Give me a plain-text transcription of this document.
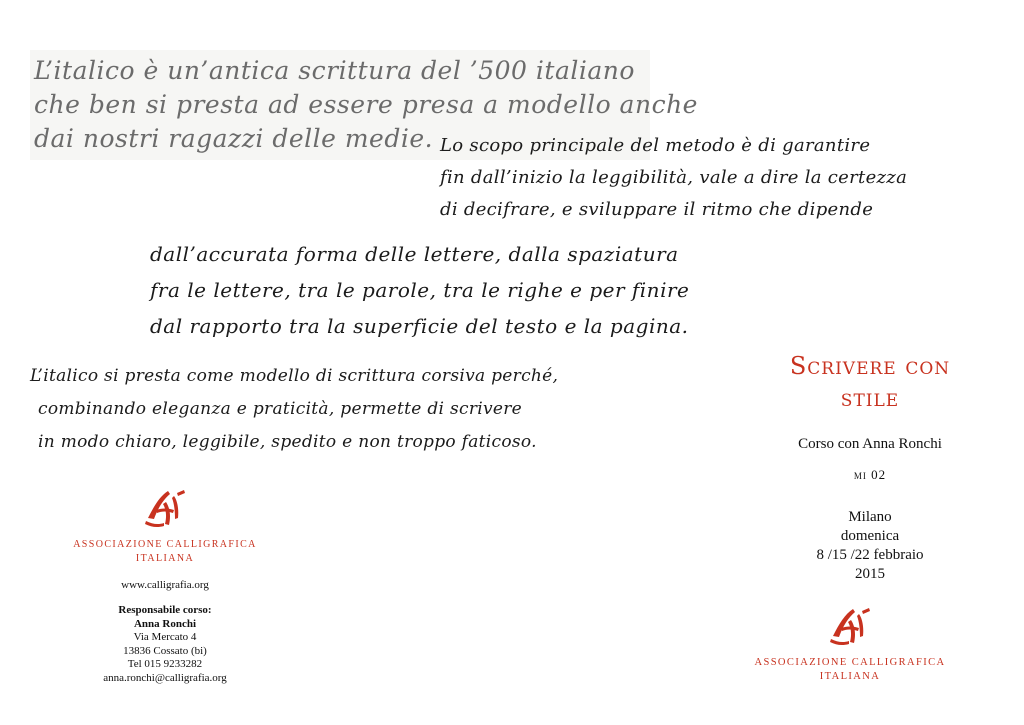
L’italico è un’antica scrittura del ’500 italiano
che ben si presta ad essere presa a modello anche
dai nostri ragazzi delle medie. Lo scopo principale del metodo è di garantire
fin dall’inizio la leggibilità, vale a dire la certezza
di decifrare, e sviluppare il ritmo che dipende
dall’accurata forma delle lettere, dalla spaziatura
fra le lettere, tra le parole, tra le righe e per finire
dal rapporto tra la superficie del testo e la pagina.
L’italico si presta come modello di scrittura corsiva perché,
combinando eleganza e praticità, permette di scrivere
in modo chiaro, leggibile, spedito e non troppo faticoso.
Scrivere con
stile
Corso con Anna Ronchi
mi 02
Milano
domenica
8 /15 /22 febbraio
2015
ASSOCIAZIONE CALLIGRAFICA
ITALIANA
ASSOCIAZIONE CALLIGRAFICA
ITALIANA
www.calligrafia.org
Responsabile corso:
Anna Ronchi
Via Mercato 4
13836 Cossato (bi)
Tel 015 9233282
anna.ronchi@calligrafia.org
